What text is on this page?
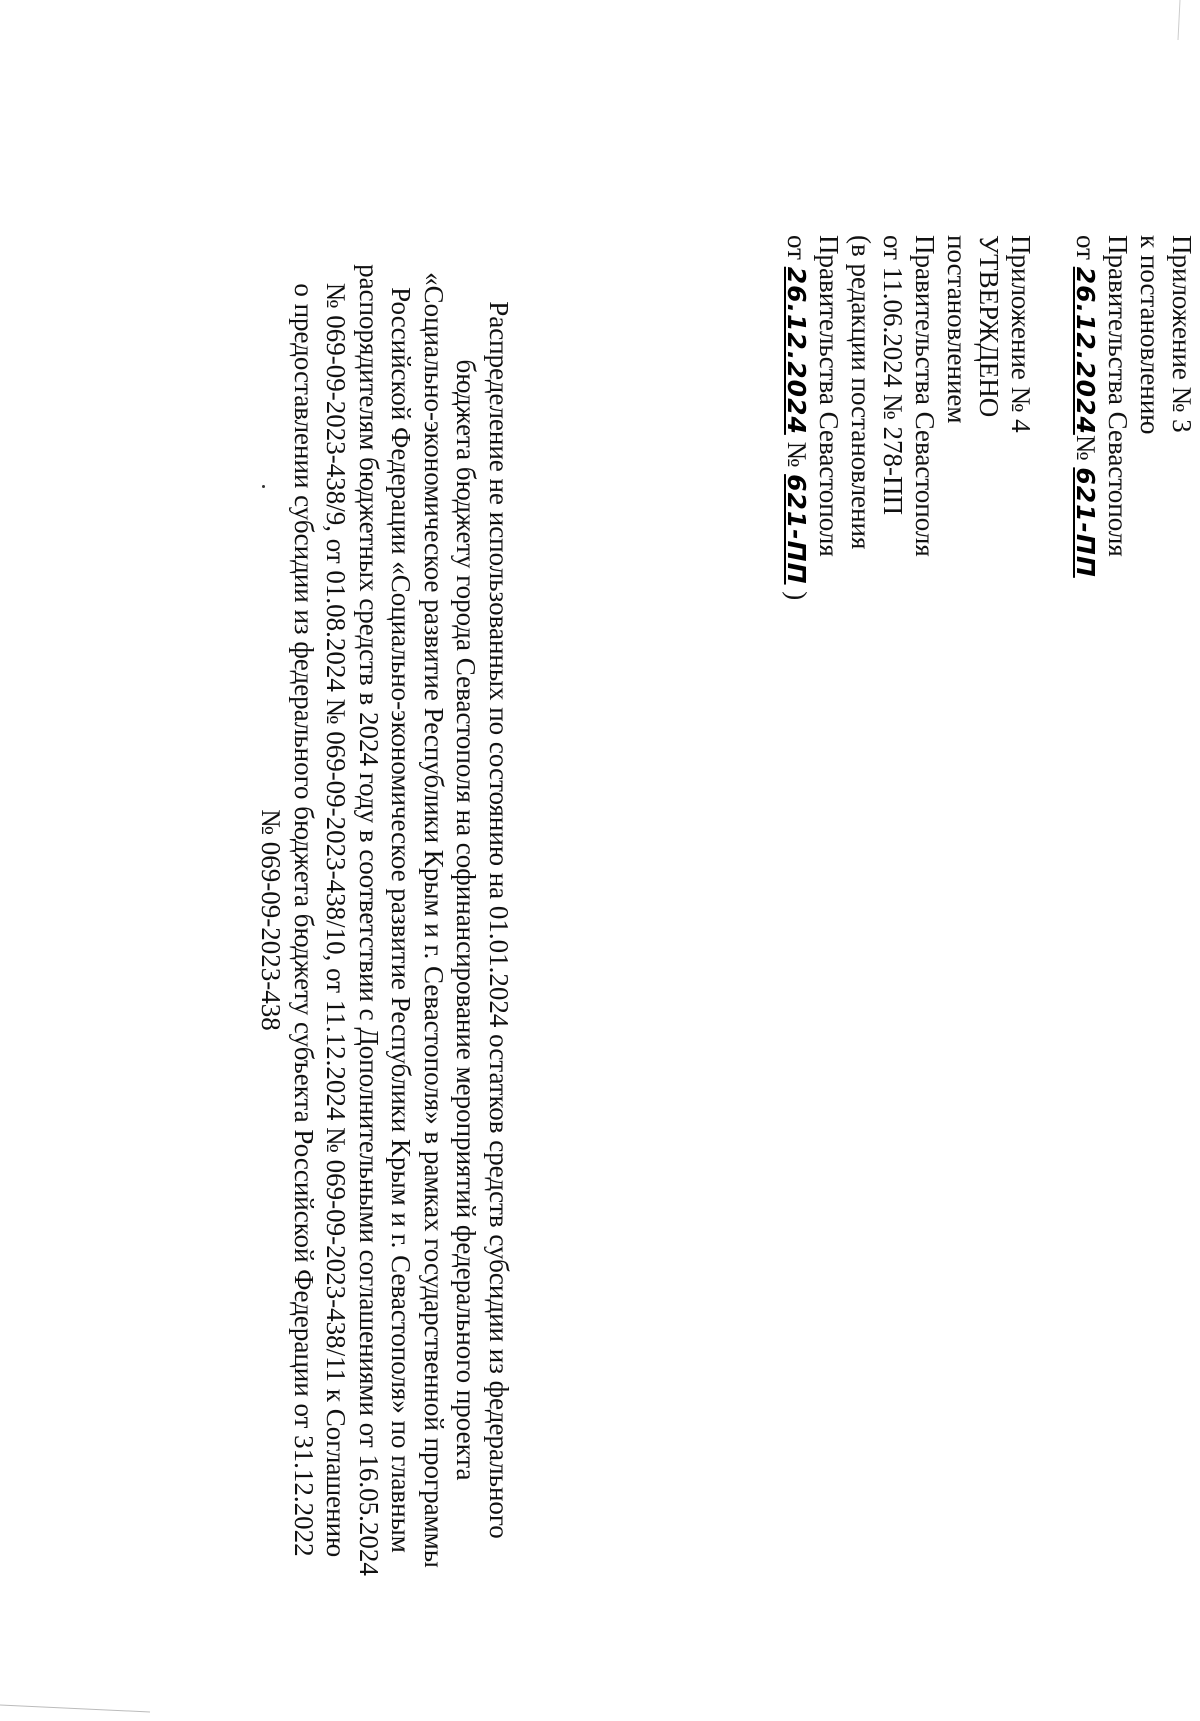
Приложение № 3

к постановлению

Правительства Севастополя

от 26.12.2024№ 621-ПП

Приложение № 4

УТВЕРЖДЕНО

постановлением

Правительства Севастополя

от 11.06.2024 № 278-ПП

(в редакции постановления

Правительства Севастополя

от 26.12.2024 № 621-ПП )

Распределение не использованных по состоянию на 01.01.2024 остатков средств субсидии из федерального

бюджета бюджету города Севастополя на софинансирование мероприятий федерального проекта

«Социально-экономическое развитие Республики Крым и г. Севастополя» в рамках государственной программы

Российской Федерации «Социально-экономическое развитие Республики Крым и г. Севастополя» по главным

распорядителям бюджетных средств в 2024 году в соответствии с Дополнительными соглашениями от 16.05.2024

№ 069-09-2023-438/9, от 01.08.2024 № 069-09-2023-438/10, от 11.12.2024 № 069-09-2023-438/11 к Соглашению

о предоставлении субсидии из федерального бюджета бюджету субъекта Российской Федерации от 31.12.2022

№ 069-09-2023-438
